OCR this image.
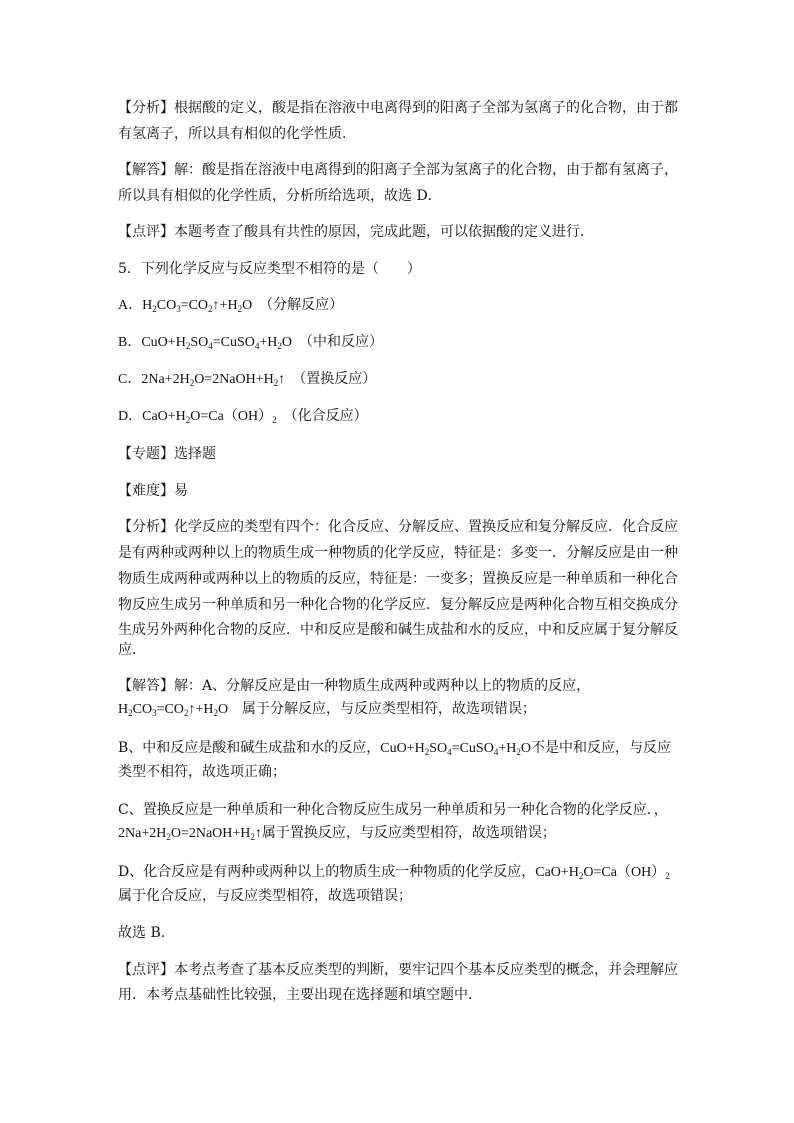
【分析】根据酸的定义，酸是指在溶液中电离得到的阳离子全部为氢离子的化合物，由于都
有氢离子，所以具有相似的化学性质．
【解答】解：酸是指在溶液中电离得到的阳离子全部为氢离子的化合物，由于都有氢离子，
所以具有相似的化学性质，分析所给选项，故选 D．
【点评】本题考查了酸具有共性的原因，完成此题，可以依据酸的定义进行．
5．下列化学反应与反应类型不相符的是（　　）
A．$H_2CO_3=CO_2↑+H_2O$　（分解反应）
B．$CuO+H_2SO_4=CuSO_4+H_2O$　（中和反应）
C．$2Na+2H_2O=2NaOH+H_2↑$　（置换反应）
D．$CaO+H_2O=Ca(OH)_2$　（化合反应）
【专题】选择题
【难度】易
【分析】化学反应的类型有四个：化合反应、分解反应、置换反应和复分解反应．化合反应
是有两种或两种以上的物质生成一种物质的化学反应，特征是：多变一．分解反应是由一种
物质生成两种或两种以上的物质的反应，特征是：一变多；置换反应是一种单质和一种化合
物反应生成另一种单质和另一种化合物的化学反应．复分解反应是两种化合物互相交换成分
生成另外两种化合物的反应．中和反应是酸和碱生成盐和水的反应，中和反应属于复分解反
应．
【解答】解：A、分解反应是由一种物质生成两种或两种以上的物质的反应，
$H_2CO_3=CO_2↑+H_2O$　属于分解反应，与反应类型相符，故选项错误；
B、中和反应是酸和碱生成盐和水的反应，$CuO+H_2SO_4=CuSO_4+H_2O$不是中和反应，与反应
类型不相符，故选项正确；
C、置换反应是一种单质和一种化合物反应生成另一种单质和另一种化合物的化学反应．，
$2Na+2H_2O=2NaOH+H_2↑$属于置换反应，与反应类型相符，故选项错误；
D、化合反应是有两种或两种以上的物质生成一种物质的化学反应，$CaO+H_2O=Ca(OH)_2$
属于化合反应，与反应类型相符，故选项错误；
故选 B．
【点评】本考点考查了基本反应类型的判断，要牢记四个基本反应类型的概念，并会理解应
用．本考点基础性比较强，主要出现在选择题和填空题中．
